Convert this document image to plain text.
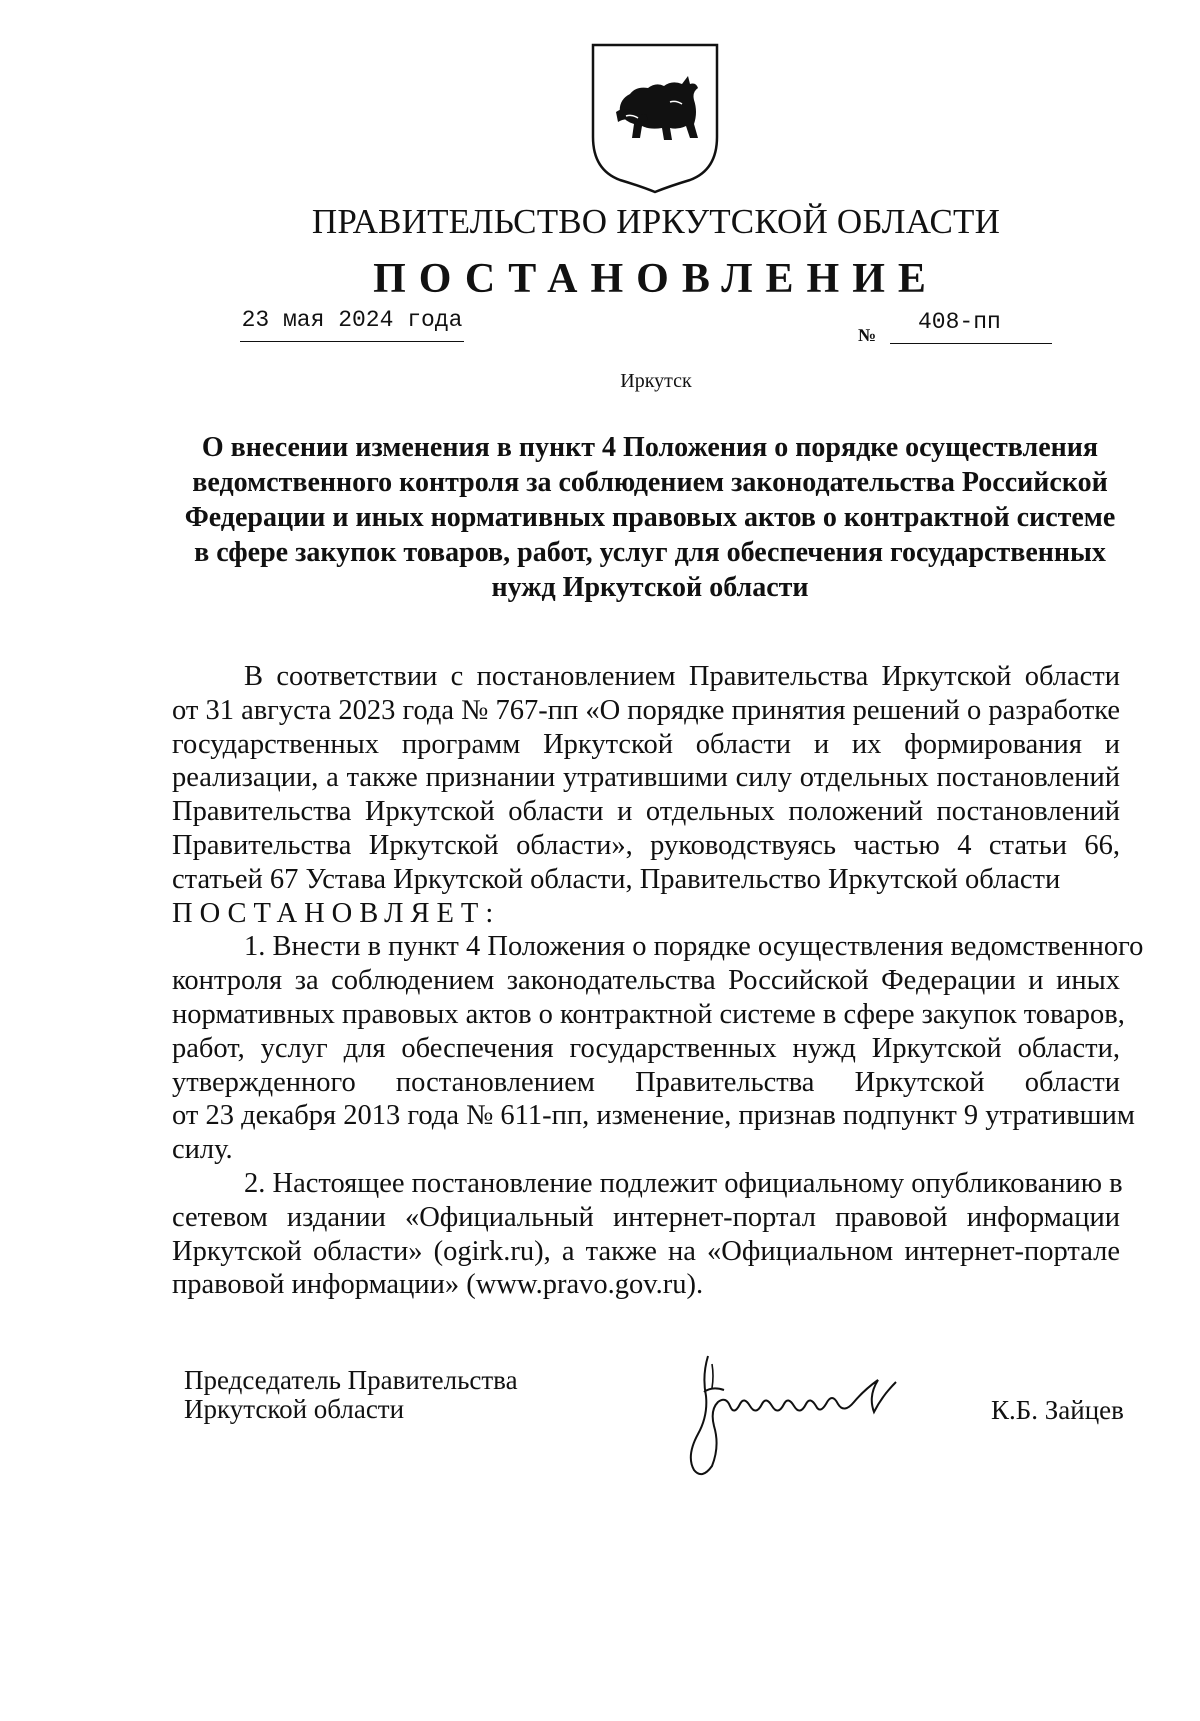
ПРАВИТЕЛЬСТВО ИРКУТСКОЙ ОБЛАСТИ
ПОСТАНОВЛЕНИЕ
23 мая 2024 года
№	408-пп
Иркутск
О внесении изменения в пункт 4 Положения о порядке осуществления
ведомственного контроля за соблюдением законодательства Российской
Федерации и иных нормативных правовых актов о контрактной системе
в сфере закупок товаров, работ, услуг для обеспечения государственных
нужд Иркутской области
В соответствии с постановлением Правительства Иркутской области
от 31 августа 2023 года № 767-пп «О порядке принятия решений о разработке
государственных программ Иркутской области и их формирования и
реализации, а также признании утратившими силу отдельных постановлений
Правительства Иркутской области и отдельных положений постановлений
Правительства Иркутской области», руководствуясь частью 4 статьи 66,
статьей 67 Устава Иркутской области, Правительство Иркутской области
ПОСТАНОВЛЯЕТ:
1. Внести в пункт 4 Положения о порядке осуществления ведомственного
контроля за соблюдением законодательства Российской Федерации и иных
нормативных правовых актов о контрактной системе в сфере закупок товаров,
работ, услуг для обеспечения государственных нужд Иркутской области,
утвержденного постановлением Правительства Иркутской области
от 23 декабря 2013 года № 611-пп, изменение, признав подпункт 9 утратившим
силу.
2. Настоящее постановление подлежит официальному опубликованию в
сетевом издании «Официальный интернет-портал правовой информации
Иркутской области» (ogirk.ru), а также на «Официальном интернет-портале
правовой информации» (www.pravo.gov.ru).
Председатель Правительства
Иркутской области	К.Б. Зайцев
